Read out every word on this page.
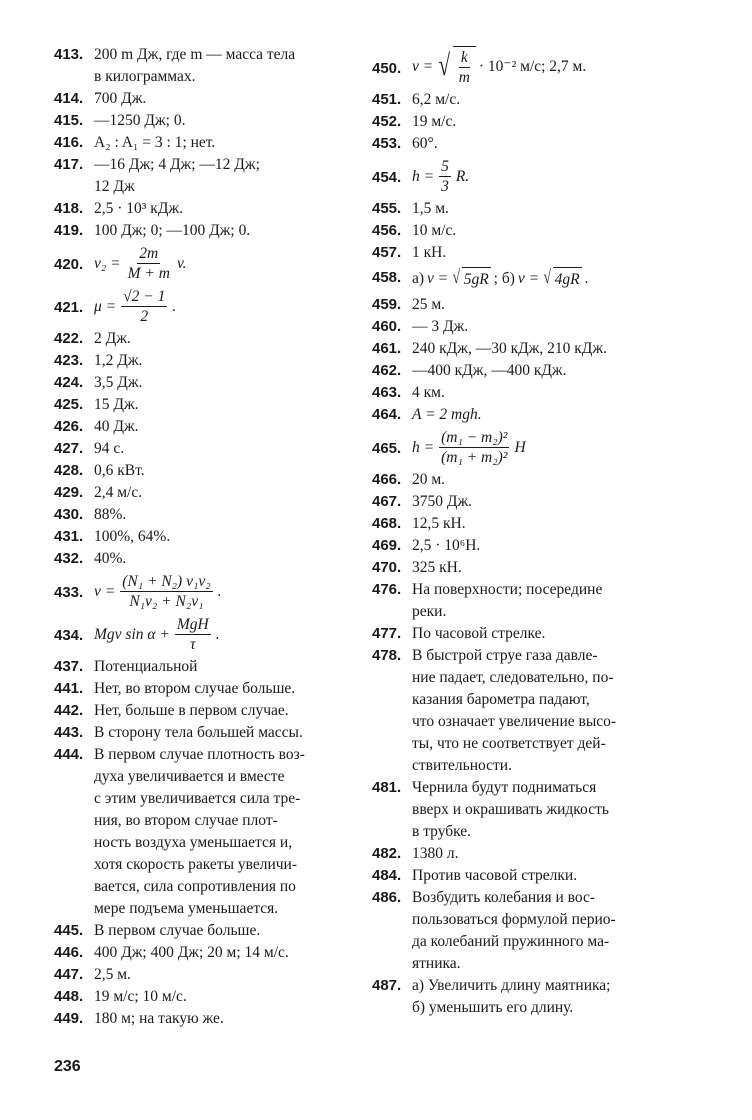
413. 200 m Дж, где m — масса тела
в килограммах.
414. 700 Дж.
415. —1250 Дж; 0.
416. A₂ : A₁ = 3 : 1; нет.
417. —16 Дж; 4 Дж; —12 Дж;
12 Дж
418. 2,5 · 10³ кДж.
419. 100 Дж; 0; —100 Дж; 0.
420. $v_2 = \frac{2m}{M + m} v$.
421. $\mu = \frac{√2 - 1}{2}$ .
422. 2 Дж.
423. 1,2 Дж.
424. 3,5 Дж.
425. 15 Дж.
426. 40 Дж.
427. 94 с.
428. 0,6 кВт.
429. 2,4 м/с.
430. 88%.
431. 100%, 64%.
432. 40%.
433. $v = \frac{\text{(N₁ + N₂) v₁v₂}}{\text{N₁v₂ + N₂v₁}}$ .
434. Mgv $\sin \alpha + \frac{\text{MgH}}{\tau}$ .
437. Потенциальной
441. Нет, во втором случае больше.
442. Нет, больше в первом случае.
443. В сторону тела большей массы.
444. В первом случае плотность воз-
духа увеличивается и вместе
с этим увеличивается сила тре-
ния, во втором случае плот-
ность воздуха уменьшается и,
хотя скорость ракеты увеличи-
вается, сила сопротивления по
мере подъема уменьшается.
445. В первом случае больше.
446. 400 Дж; 400 Дж; 20 м; 14 м/с.
447. 2,5 м.
448. 19 м/с; 10 м/с.
449. 180 м; на такую же.
450. v = √ $\frac{k}{m} \cdot 10^{-2}$ м/с; 2,7 м.
451. 6,2 м/с.
452. 19 м/с.
453. 60°.
454. $h = \frac{5}{3} R$.
455. 1,5 м.
456. 10 м/с.
457. 1 кН.
458. а) v = √ 5gR ; б) v = √ 4gR .
459. 25 м.
460. — 3 Дж.
461. 240 кДж, —30 кДж, 210 кДж.
462. —400 кДж, —400 кДж.
463. 4 км.
464. A = 2 mgh.
465. $h = \frac{\text{(m₁ − m₂)²}}{\text{(m₁ + m₂)²}}$ H
466. 20 м.
467. 3750 Дж.
468. 12,5 кН.
469. 2,5 · 10⁶Н.
470. 325 кН.
476. На поверхности; посередине
реки.
477. По часовой стрелке.
478. В быстрой струе газа давле-
ние падает, следовательно, по-
казания барометра падают,
что означает увеличение высо-
ты, что не соответствует дей-
ствительности.
481. Чернила будут подниматься
вверх и окрашивать жидкость
в трубке.
482. 1380 л.
484. Против часовой стрелки.
486. Возбудить колебания и вос-
пользоваться формулой перио-
да колебаний пружинного ма-
ятника.
487. а) Увеличить длину маятника;
б) уменьшить его длину.
236
